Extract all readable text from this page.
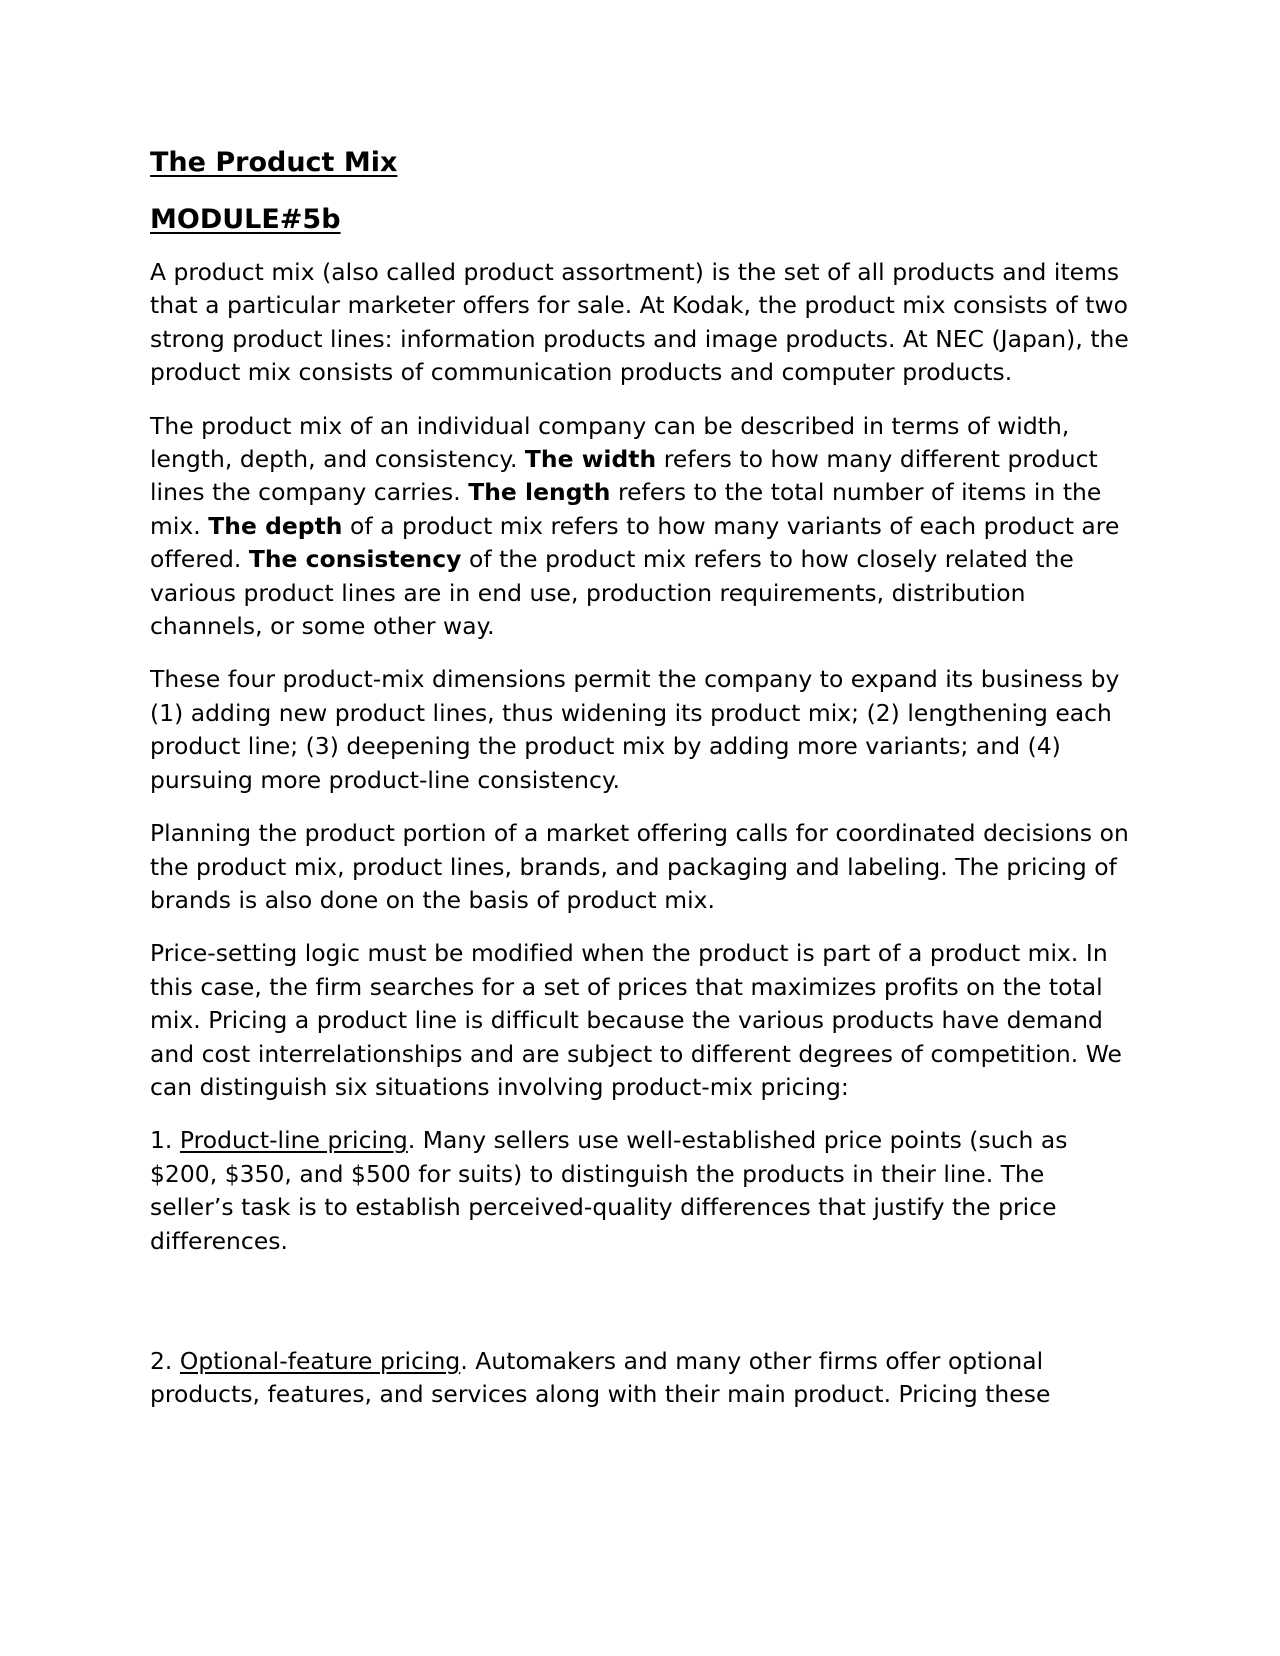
The Product Mix
MODULE#5b

A product mix (also called product assortment) is the set of all products and items that a particular marketer offers for sale. At Kodak, the product mix consists of two strong product lines: information products and image products. At NEC (Japan), the product mix consists of communication products and computer products.

The product mix of an individual company can be described in terms of width, length, depth, and consistency. The width refers to how many different product lines the company carries. The length refers to the total number of items in the mix. The depth of a product mix refers to how many variants of each product are offered. The consistency of the product mix refers to how closely related the various product lines are in end use, production requirements, distribution channels, or some other way.

These four product-mix dimensions permit the company to expand its business by (1) adding new product lines, thus widening its product mix; (2) lengthening each product line; (3) deepening the product mix by adding more variants; and (4) pursuing more product-line consistency.

Planning the product portion of a market offering calls for coordinated decisions on the product mix, product lines, brands, and packaging and labeling. The pricing of brands is also done on the basis of product mix.

Price-setting logic must be modified when the product is part of a product mix. In this case, the firm searches for a set of prices that maximizes profits on the total mix. Pricing a product line is difficult because the various products have demand and cost interrelationships and are subject to different degrees of competition. We can distinguish six situations involving product-mix pricing:

1. Product-line pricing. Many sellers use well-established price points (such as $200, $350, and $500 for suits) to distinguish the products in their line. The seller’s task is to establish perceived-quality differences that justify the price differences.

2. Optional-feature pricing. Automakers and many other firms offer optional products, features, and services along with their main product. Pricing these
